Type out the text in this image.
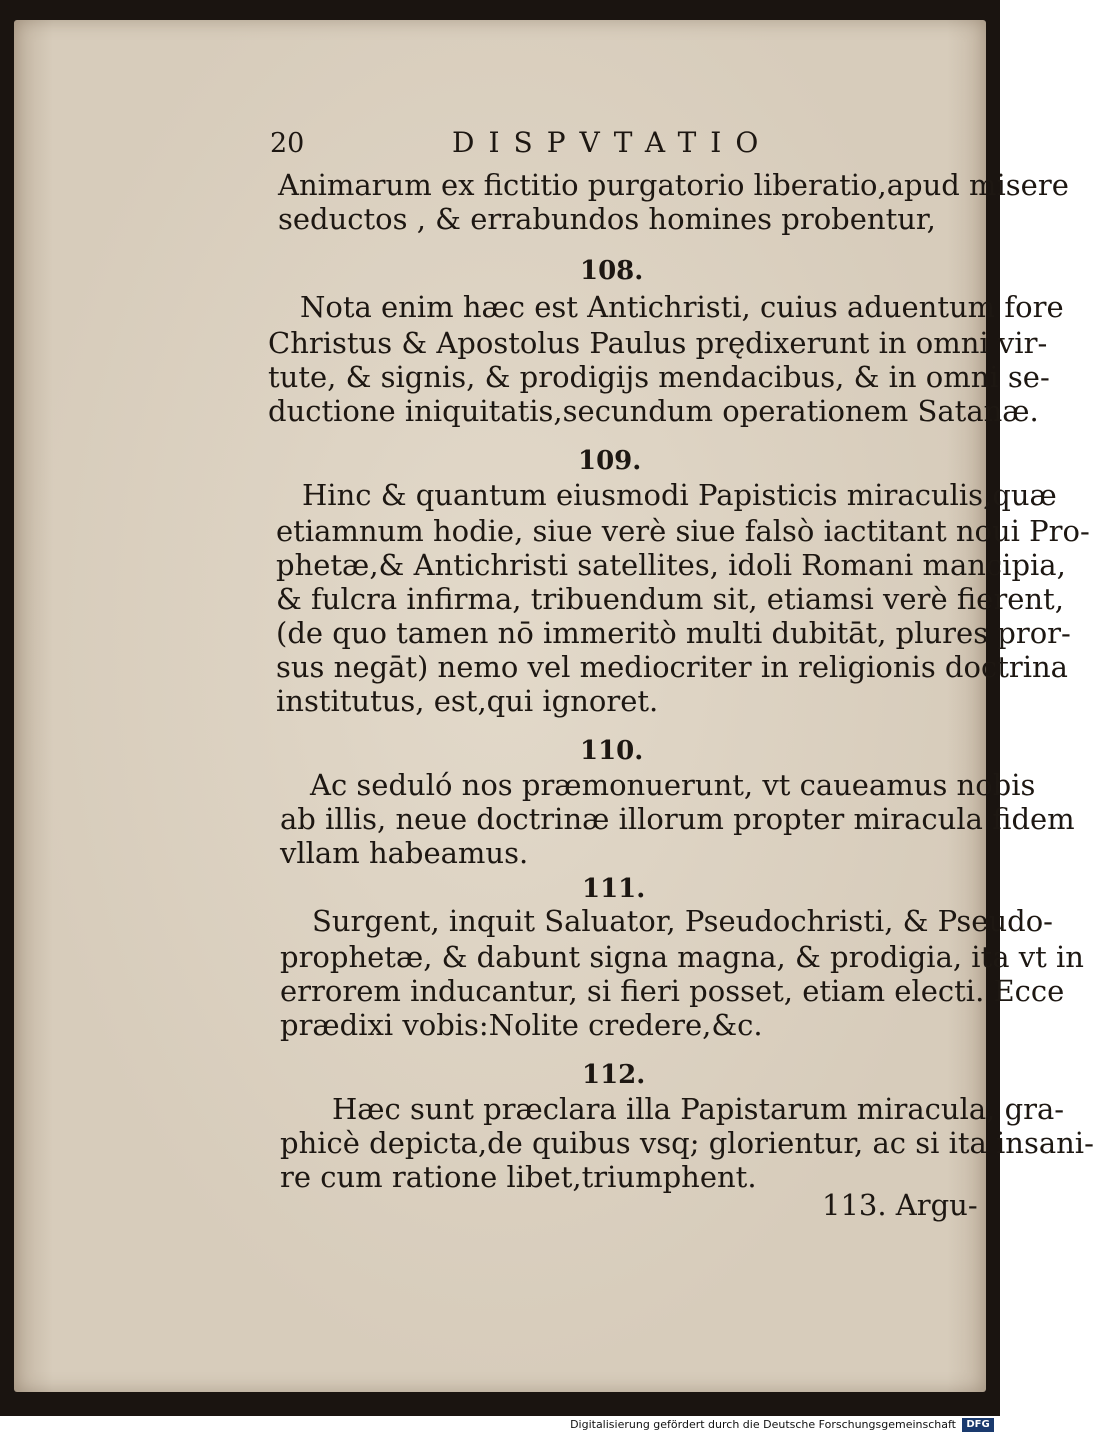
20	DISPVTATIO
Animarum ex fictitio purgatorio liberatio,apud misere
seductos , & errabundos homines probentur,
108.
Nota enim hæc est Antichristi, cuius aduentum fore
Christus & Apostolus Paulus prędixerunt in omni vir-
tute, & signis, & prodigijs mendacibus, & in omni se-
ductione iniquitatis,secundum operationem Satanæ.
109.
Hinc & quantum eiusmodi Papisticis miraculis,quæ
etiamnum hodie, siue verè siue falsò iactitant noui Pro-
phetæ,& Antichristi satellites, idoli Romani mancipia,
& fulcra infirma, tribuendum sit, etiamsi verè fierent,
(de quo tamen nō immeritò multi dubitāt, plures pror-
sus negāt) nemo vel mediocriter in religionis doctrina
institutus, est,qui ignoret.
110.
Ac seduló nos præmonuerunt, vt caueamus nobis
ab illis, neue doctrinæ illorum propter miracula fidem
vllam habeamus.
111.
Surgent, inquit Saluator, Pseudochristi, & Pseudo-
prophetæ, & dabunt signa magna, & prodigia, ita vt in
errorem inducantur, si fieri posset, etiam electi. Ecce
prædixi vobis:Nolite credere,&c.
112.
Hæc sunt præclara illa Papistarum miracula, gra-
phicè depicta,de quibus vsq; glorientur, ac si ita insani-
re cum ratione libet,triumphent.
113. Argu-
Digitalisierung gefördert durch die Deutsche Forschungsgemeinschaft	DFG
